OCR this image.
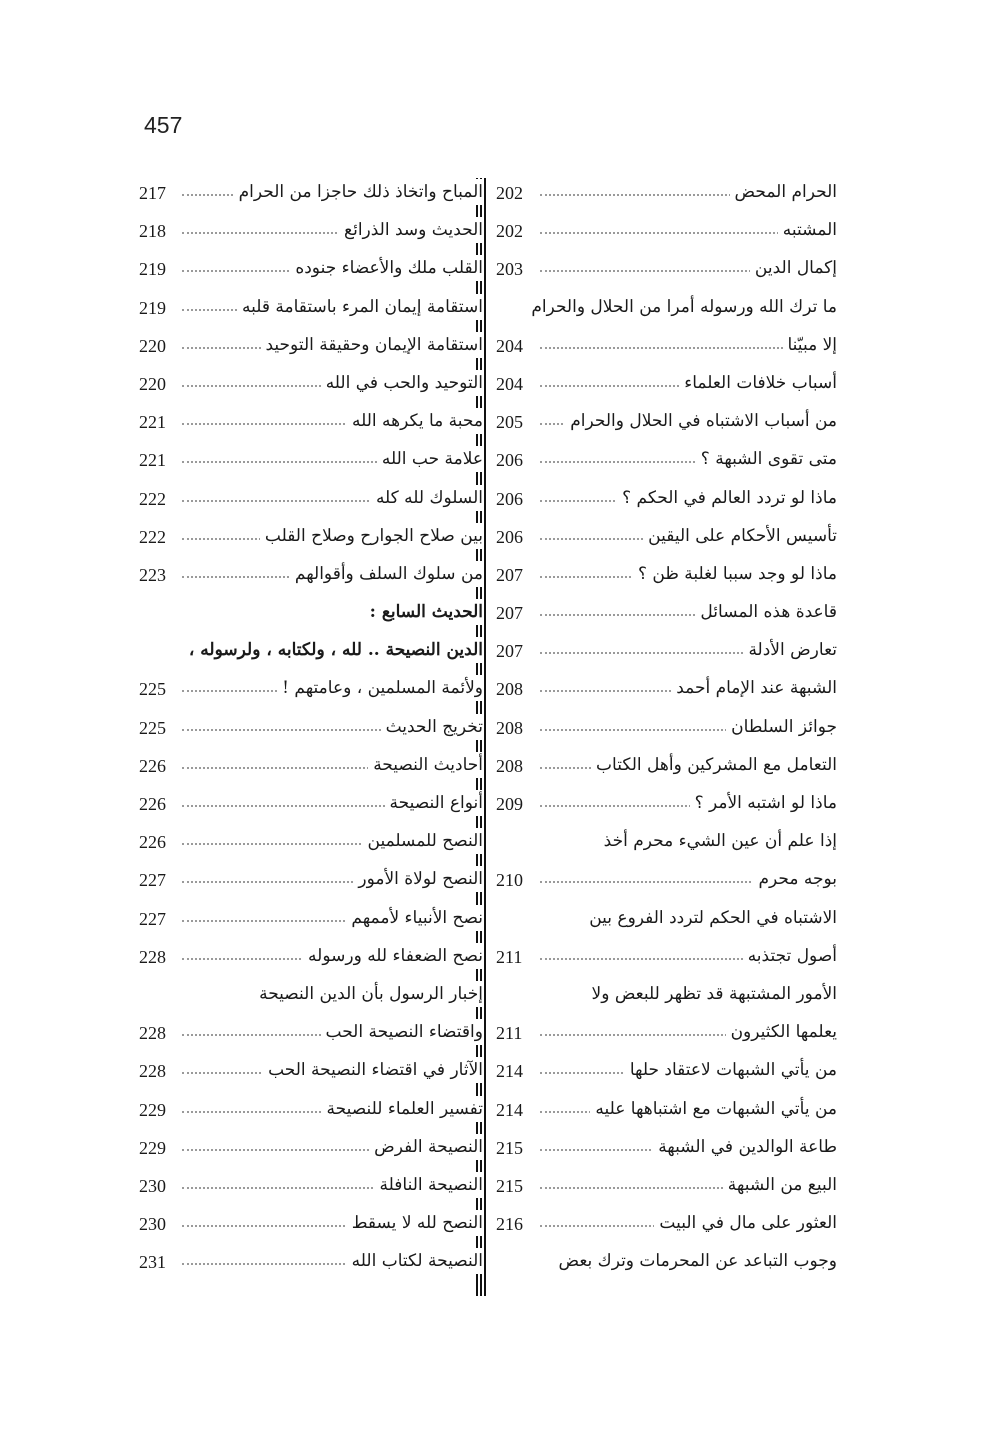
457
202	الحرام المحض
202	المشتبه
203	إكمال الدين
ما ترك الله ورسوله أمرا من الحلال والحرام
204	إلا مبيّنا
204	أسباب خلافات العلماء
205	من أسباب الاشتباه في الحلال والحرام
206	متى تقوى الشبهة ؟
206	ماذا لو تردد العالم في الحكم ؟
206	تأسيس الأحكام على اليقين
207	ماذا لو وجد سببا لغلبة ظن ؟
207	قاعدة هذه المسائل
207	تعارض الأدلة
208	الشبهة عند الإمام أحمد
208	جوائز السلطان
208	التعامل مع المشركين وأهل الكتاب
209	ماذا لو اشتبه الأمر ؟
إذا علم أن عين الشيء محرم أخذ
210	بوجه محرم
الاشتباه في الحكم لتردد الفروع بين
211	أصول تجتذبه
الأمور المشتبهة قد تظهر للبعض ولا
211	يعلمها الكثيرون
214	من يأتي الشبهات لاعتقاد حلها
214	من يأتي الشبهات مع اشتباهها عليه
215	طاعة الوالدين في الشبهة
215	البيع من الشبهة
216	العثور على مال في البيت
وجوب التباعد عن المحرمات وترك بعض
217	المباح واتخاذ ذلك حاجزا من الحرام
218	الحديث وسد الذرائع
219	القلب ملك والأعضاء جنوده
219	استقامة إيمان المرء باستقامة قلبه
220	استقامة الإيمان وحقيقة التوحيد
220	التوحيد والحب في الله
221	محبة ما يكرهه الله
221	علامة حب الله
222	السلوك لله كله
222	بين صلاح الجوارح وصلاح القلب
223	من سلوك السلف وأقوالهم
الحديث السابع :
الدين النصيحة .. لله ، ولكتابه ، ولرسوله ،
225	ولأئمة المسلمين ، وعامتهم !
225	تخريج الحديث
226	أحاديث النصيحة
226	أنواع النصيحة
226	النصح للمسلمين
227	النصح لولاة الأمور
227	نصح الأنبياء لأممهم
228	نصح الضعفاء لله ورسوله
إخبار الرسول بأن الدين النصيحة
228	واقتضاء النصيحة الحب
228	الآثار في اقتضاء النصيحة الحب
229	تفسير العلماء للنصيحة
229	النصيحة الفرض
230	النصيحة النافلة
230	النصح لله لا يسقط
231	النصيحة لكتاب الله
